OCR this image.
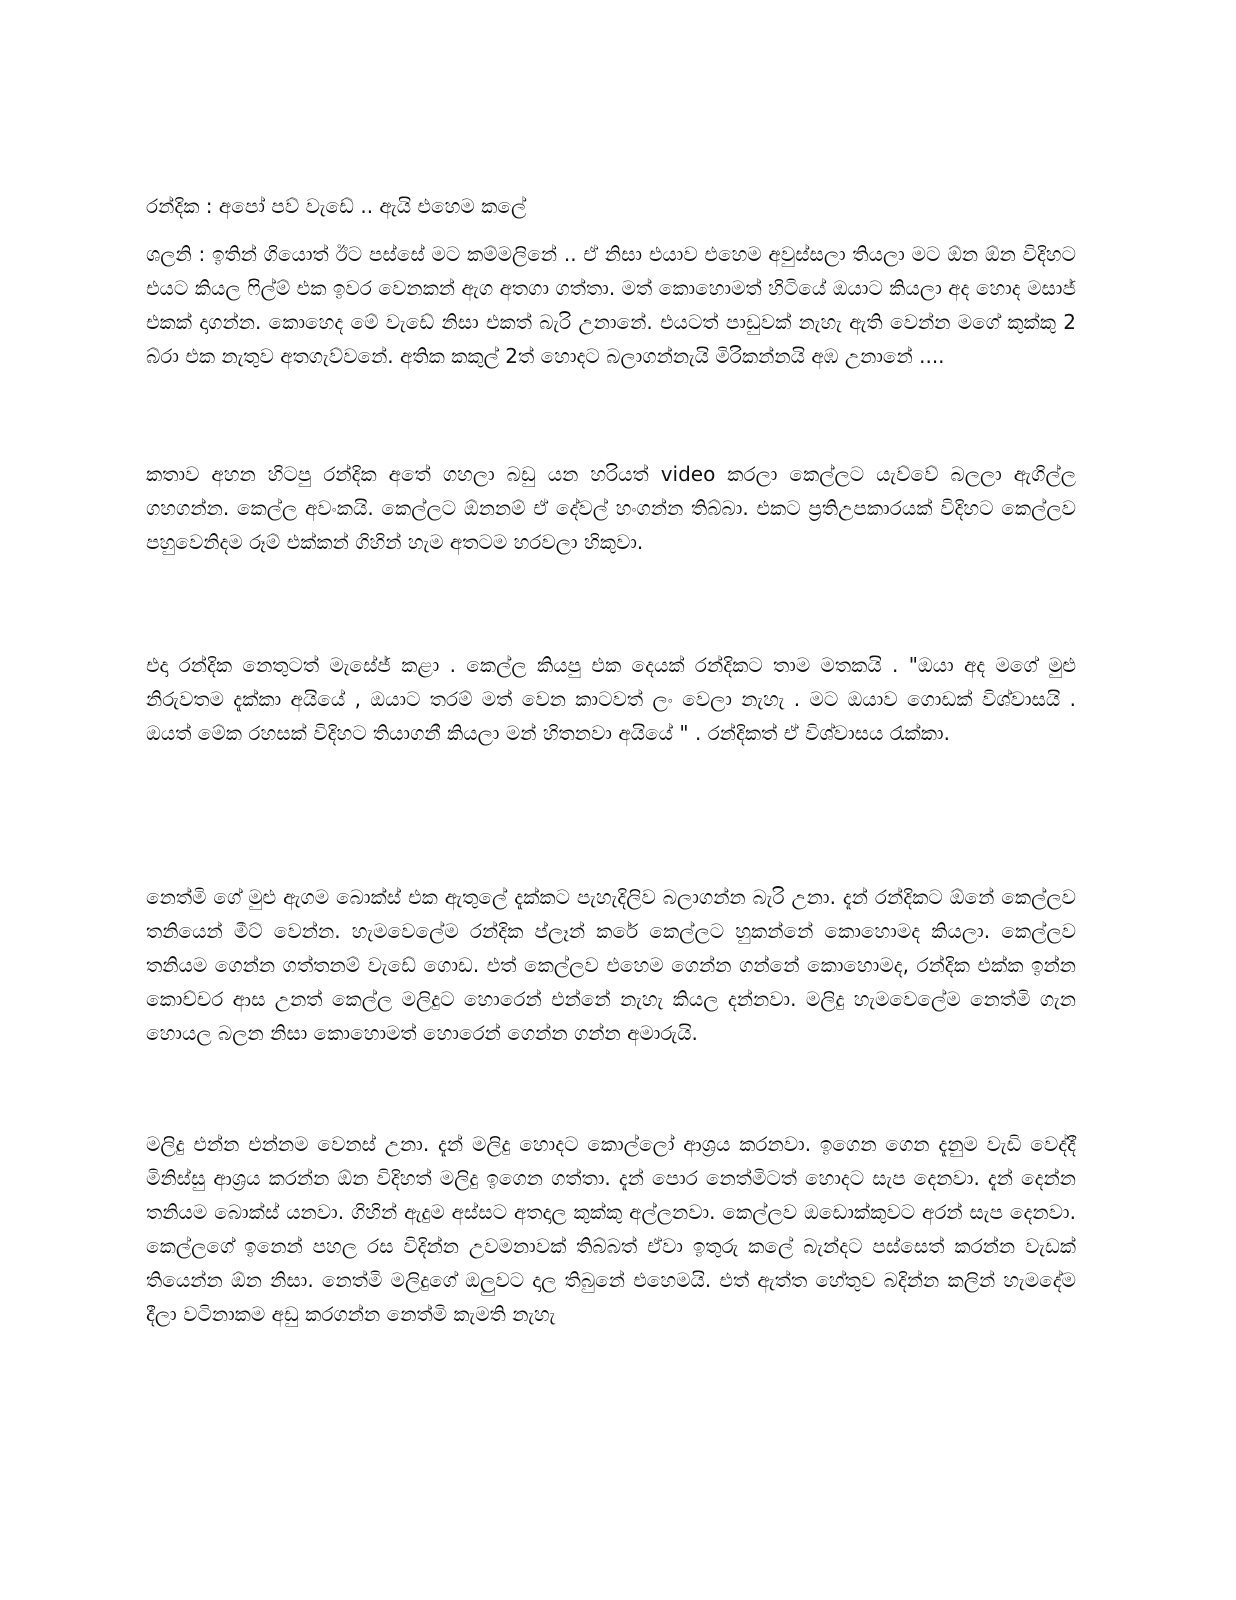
රන්දික : අපෝ පව් වැඩේ .. ඇයි එහෙම කලේ

ශලනි : ඉතින් ගියොත් ඊට පස්සේ මට කම්මලිනේ .. ඒ නිසා එයාව එහෙම අවුස්සලා තියලා මට ඕන ඕන විදිහට එයට කියල ෆිල්ම් එක ඉවර වෙනකන් ඇග අතගා ගත්තා. මත් කොහොමත් හිටියේ ඔයාට කියලා අද හොද මසාජ් එකක් දාගන්න. කොහෙද මේ වැඩේ නිසා එකත් බැරි උනානේ. එයටත් පාඩුවක් නැහැ ඇති වෙන්න මගේ කුක්කු 2 බ්රා එක නැතුව අතගැව්වනේ. අතික කකුල් 2ත් හොදට බලාගන්නැයි මිරිකන්නයි අඹ උනානේ ....

කතාව අහන හිටපු රන්දික අතේ ගහලා බඩු යන හරියත් video කරලා කෙල්ලට යැව්වේ බලලා ඇගිල්ල ගහගන්න. කෙල්ල අවංකයි. කෙල්ලට ඕනනම් ඒ දේවල් හංගන්න තිබ්බා. එකට ප්‍රතිඋපකාරයක් විදිහට කෙල්ලව පහුවෙනිදම රූම් එක්කන් ගිහින් හැම අතටම හරවලා හිකුවා.

එදා රන්දික නෙතුටත් මැසේජ් කළා . කෙල්ල කියපු එක දෙයක් රන්දිකට තාම මතකයි . "ඔයා අද මගේ මුළු නිරුවතම දැක්කා අයියේ , ඔයාට තරම් මත් වෙන කාටවත් ලං වෙලා නැහැ . මට ඔයාව ගොඩක් විශ්වාසයි . ඔයත් මේක රහසක් විදිහට තියාගනී කියලා මන් හිතනවා අයියේ " . රන්දිකත් ඒ විශ්වාසය රැක්කා.

නෙත්මි ගේ මුළු ඇගම බොක්ස් එක ඇතුලේ දැක්කට පැහැදිලිව බලාගන්න බැරි උනා. දැන් රන්දිකට ඕනේ කෙල්ලව තනියෙන් මීට් වෙන්න. හැමවෙලේම රන්දික ප්ලෑන් කරේ කෙල්ලට හුකන්නේ කොහොමද කියලා. කෙල්ලව තනියම ගෙන්න ගත්තනම් වැඩේ ගොඩ. එත් කෙල්ලව එහෙම ගෙන්න ගන්නේ කොහොමද, රන්දික එක්ක ඉන්න කොච්චර ආස උනත් කෙල්ල මලිදුට හොරෙන් එන්නේ නැහැ කියල දන්නවා. මලිදු හැමවෙලේම නෙත්මි ගැන හොයල බලන නිසා කොහොමත් හොරෙන් ගෙන්න ගන්න අමාරුයි.

මලිදු එන්න එන්නම වෙනස් උනා. දැන් මලිදු හොදට කොල්ලෝ ආශ්‍රය කරනවා. ඉගෙන ගෙන දැනුම වැඩි වෙද්දී මිනිස්සු ආශ්‍රය කරන්න ඕන විදිහත් මලිදු ඉගෙන ගත්තා. දැන් පොර නෙත්මිටත් හොදට සැප දෙනවා. දැන් දෙන්න තනියම බොක්ස් යනවා. ගිහින් ඇදුම අස්සට අතදාල කුක්කු අල්ලනවා. කෙල්ලව ඔඩොක්කුවට අරන් සැප දෙනවා. කෙල්ලගේ ඉනෙන් පහල රස විදින්න උවමනාවක් තිබ්බත් ඒවා ඉතුරු කලේ බැන්දට පස්සෙත් කරන්න වැඩක් තියෙන්න ඕන නිසා. නෙත්මි මලිදුගේ ඔලුවට දාල තිබුනේ එහෙමයි. එත් ඇත්ත හේතුව බදින්න කලින් හැමදේම දීලා වටිනාකම අඩු කරගන්න නෙත්මි කැමති නැහැ
